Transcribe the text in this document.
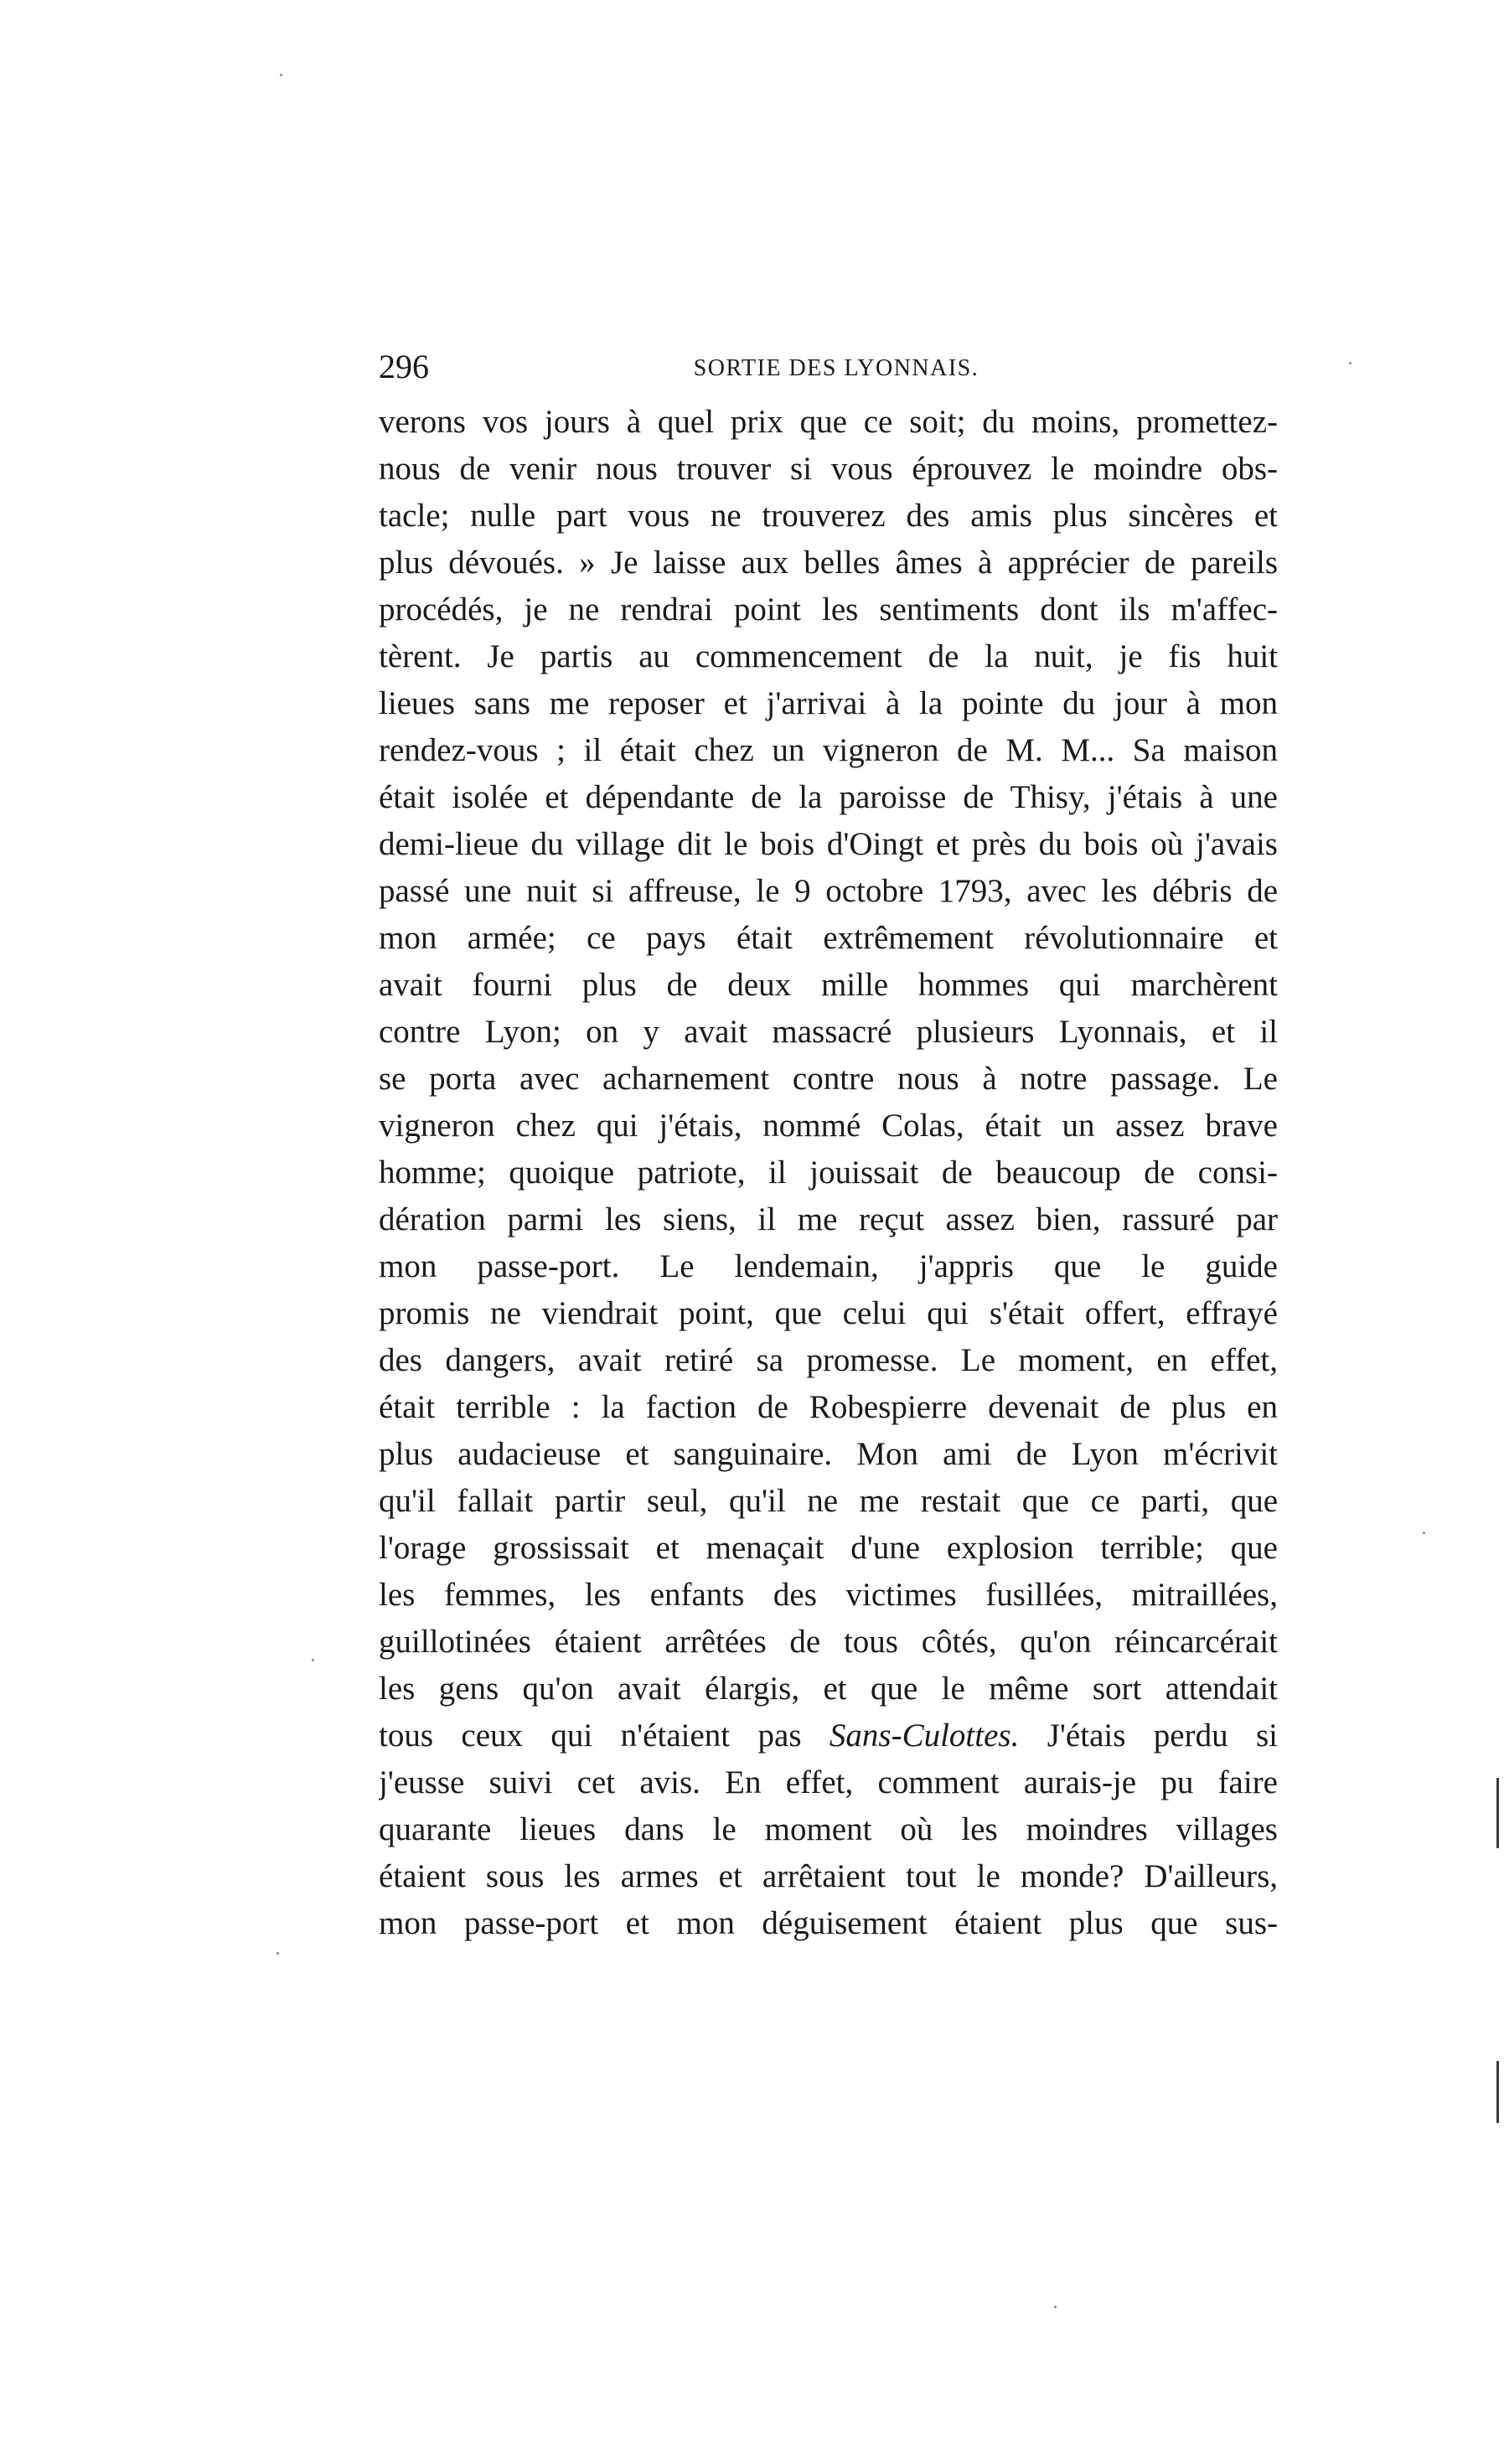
296	SORTIE DES LYONNAIS.
verons vos jours à quel prix que ce soit; du moins, promettez-
nous de venir nous trouver si vous éprouvez le moindre obs-
tacle; nulle part vous ne trouverez des amis plus sincères et
plus dévoués. » Je laisse aux belles âmes à apprécier de pareils
procédés, je ne rendrai point les sentiments dont ils m'affec-
tèrent. Je partis au commencement de la nuit, je fis huit
lieues sans me reposer et j'arrivai à la pointe du jour à mon
rendez-vous ; il était chez un vigneron de M. M... Sa maison
était isolée et dépendante de la paroisse de Thisy, j'étais à une
demi-lieue du village dit le bois d'Oingt et près du bois où j'avais
passé une nuit si affreuse, le 9 octobre 1793, avec les débris de
mon armée; ce pays était extrêmement révolutionnaire et
avait fourni plus de deux mille hommes qui marchèrent
contre Lyon; on y avait massacré plusieurs Lyonnais, et il
se porta avec acharnement contre nous à notre passage. Le
vigneron chez qui j'étais, nommé Colas, était un assez brave
homme; quoique patriote, il jouissait de beaucoup de consi-
dération parmi les siens, il me reçut assez bien, rassuré par
mon passe-port. Le lendemain, j'appris que le guide
promis ne viendrait point, que celui qui s'était offert, effrayé
des dangers, avait retiré sa promesse. Le moment, en effet,
était terrible : la faction de Robespierre devenait de plus en
plus audacieuse et sanguinaire. Mon ami de Lyon m'écrivit
qu'il fallait partir seul, qu'il ne me restait que ce parti, que
l'orage grossissait et menaçait d'une explosion terrible; que
les femmes, les enfants des victimes fusillées, mitraillées,
guillotinées étaient arrêtées de tous côtés, qu'on réincarcérait
les gens qu'on avait élargis, et que le même sort attendait
tous ceux qui n'étaient pas Sans-Culottes. J'étais perdu si
j'eusse suivi cet avis. En effet, comment aurais-je pu faire
quarante lieues dans le moment où les moindres villages
étaient sous les armes et arrêtaient tout le monde? D'ailleurs,
mon passe-port et mon déguisement étaient plus que sus-
